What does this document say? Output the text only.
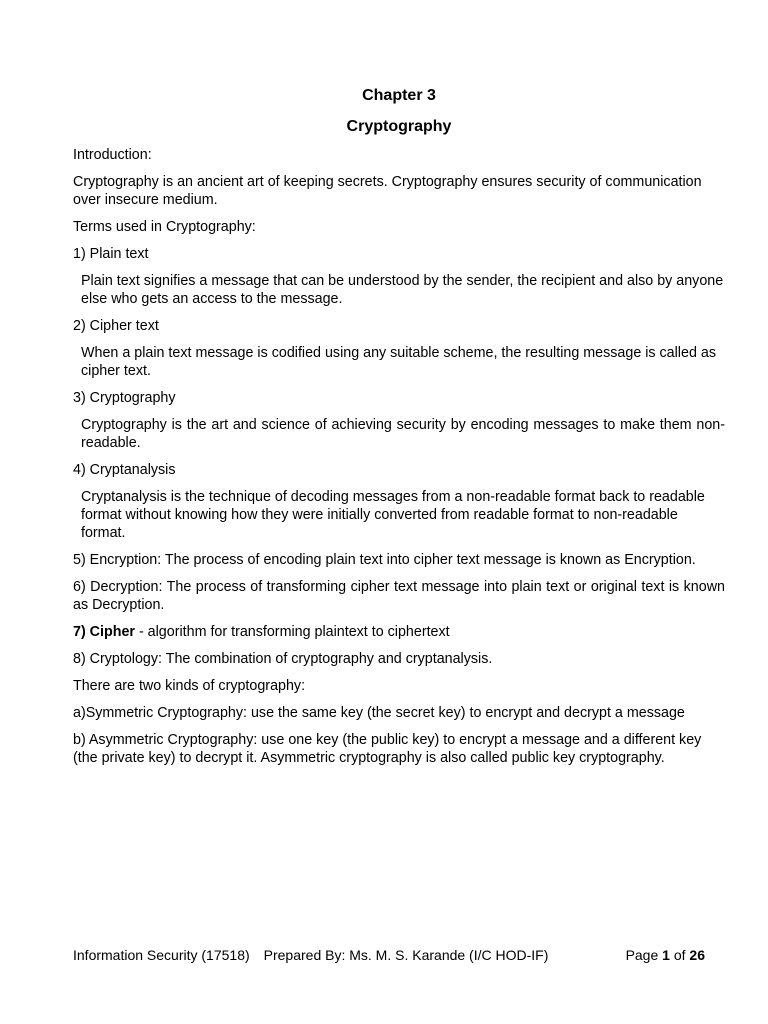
Chapter 3
Cryptography

Introduction:

Cryptography is an ancient art of keeping secrets. Cryptography ensures security of communication over insecure medium.

Terms used in Cryptography:

1) Plain text

Plain text signifies a message that can be understood by the sender, the recipient and also by anyone else who gets an access to the message.

2) Cipher text

When a plain text message is codified using any suitable scheme, the resulting message is called as cipher text.

3) Cryptography

Cryptography is the art and science of achieving security by encoding messages to make them non-readable.

4) Cryptanalysis

Cryptanalysis is the technique of decoding messages from a non-readable format back to readable format without knowing how they were initially converted from readable format to non-readable format.

5) Encryption: The process of encoding plain text into cipher text message is known as Encryption.

6) Decryption: The process of transforming cipher text message into plain text or original text is known as Decryption.

7) Cipher - algorithm for transforming plaintext to ciphertext

8) Cryptology: The combination of cryptography and cryptanalysis.

There are two kinds of cryptography:

a)Symmetric Cryptography: use the same key (the secret key) to encrypt and decrypt a message

b) Asymmetric Cryptography: use one key (the public key) to encrypt a message and a different key (the private key) to decrypt it. Asymmetric cryptography is also called public key cryptography.

Information Security (17518) Prepared By: Ms. M. S. Karande (I/C HOD-IF)	Page 1 of 26
